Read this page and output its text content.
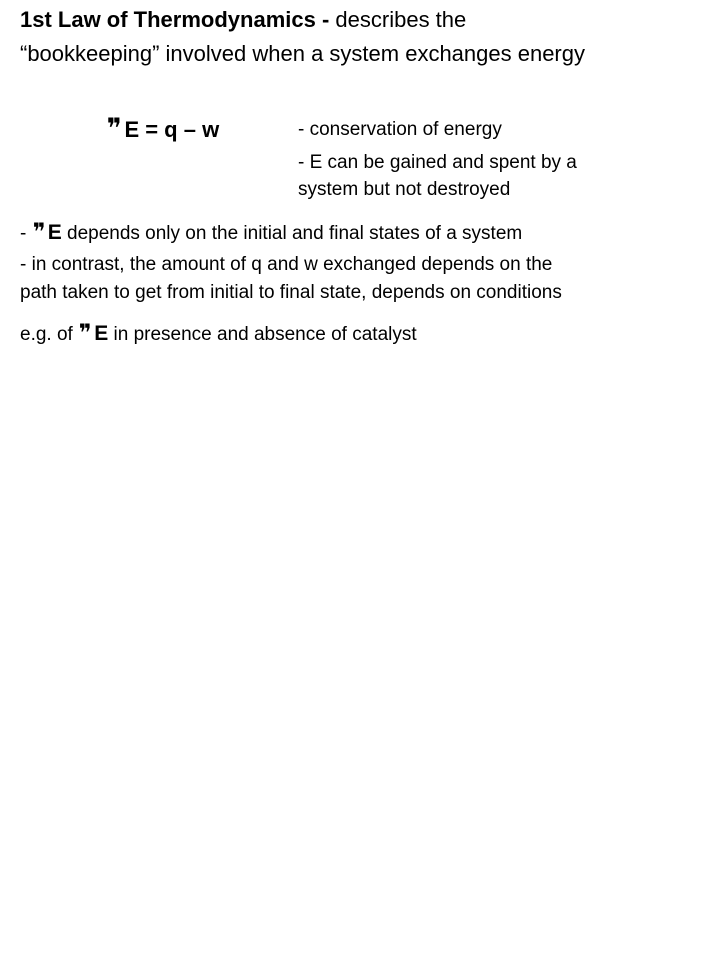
1st Law of Thermodynamics - describes the
“bookkeeping” involved when a system exchanges energy
❞ E = q – w	- conservation of energy
- E can be gained and spent by a
system but not destroyed
- ❞ E depends only on the initial and final states of a system
- in contrast, the amount of q and w exchanged depends on the
path taken to get from initial to final state, depends on conditions
e.g. of ❞ E in presence and absence of catalyst
